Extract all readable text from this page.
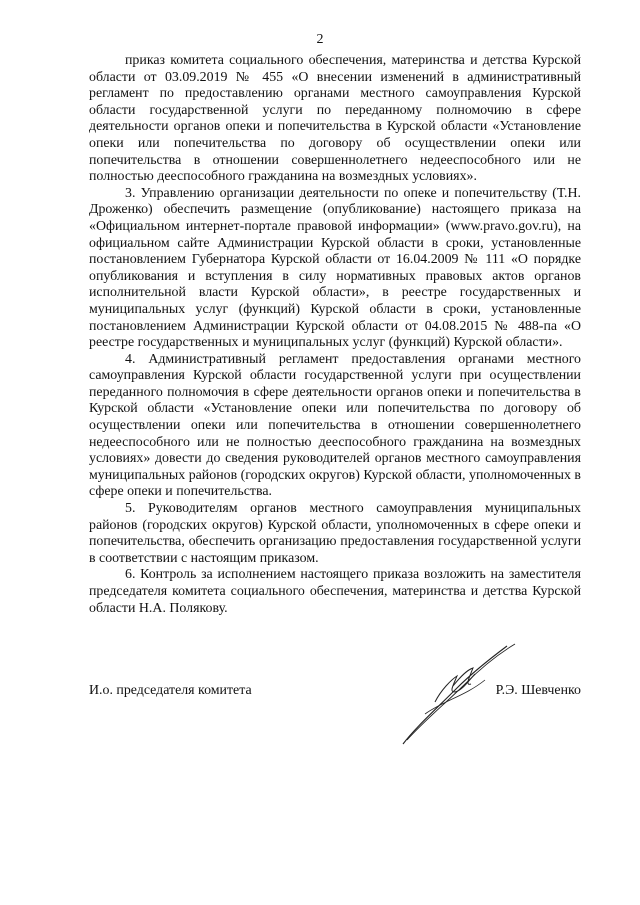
2

приказ комитета социального обеспечения, материнства и детства Курской области от 03.09.2019 № 455 «О внесении изменений в административный регламент по предоставлению органами местного самоуправления Курской области государственной услуги по переданному полномочию в сфере деятельности органов опеки и попечительства в Курской области «Установление опеки или попечительства по договору об осуществлении опеки или попечительства в отношении совершеннолетнего недееспособного или не полностью дееспособного гражданина на возмездных условиях».

3. Управлению организации деятельности по опеке и попечительству (Т.Н. Дроженко) обеспечить размещение (опубликование) настоящего приказа на «Официальном интернет-портале правовой информации» (www.pravo.gov.ru), на официальном сайте Администрации Курской области в сроки, установленные постановлением Губернатора Курской области от 16.04.2009 № 111 «О порядке опубликования и вступления в силу нормативных правовых актов органов исполнительной власти Курской области», в реестре государственных и муниципальных услуг (функций) Курской области в сроки, установленные постановлением Администрации Курской области от 04.08.2015 № 488-па «О реестре государственных и муниципальных услуг (функций) Курской области».

4. Административный регламент предоставления органами местного самоуправления Курской области государственной услуги при осуществлении переданного полномочия в сфере деятельности органов опеки и попечительства в Курской области «Установление опеки или попечительства по договору об осуществлении опеки или попечительства в отношении совершеннолетнего недееспособного или не полностью дееспособного гражданина на возмездных условиях» довести до сведения руководителей органов местного самоуправления муниципальных районов (городских округов) Курской области, уполномоченных в сфере опеки и попечительства.

5. Руководителям органов местного самоуправления муниципальных районов (городских округов) Курской области, уполномоченных в сфере опеки и попечительства, обеспечить организацию предоставления государственной услуги в соответствии с настоящим приказом.

6. Контроль за исполнением настоящего приказа возложить на заместителя председателя комитета социального обеспечения, материнства и детства Курской области Н.А. Полякову.

И.о. председателя комитета	Р.Э. Шевченко
